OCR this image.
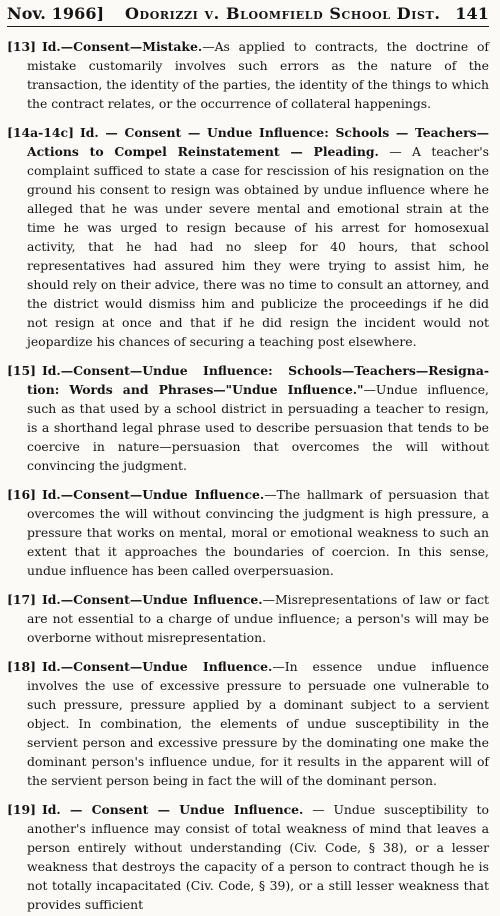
Nov. 1966]	Odorizzi v. Bloomfield School Dist. 141

[13] Id.—Consent—Mistake.—As applied to contracts, the doctrine of mistake customarily involves such errors as the nature of the transaction, the identity of the parties, the identity of the things to which the contract relates, or the occurrence of collateral happenings.

[14a-14c] Id. — Consent — Undue Influence: Schools — Teachers— Actions to Compel Reinstatement — Pleading. — A teacher's complaint sufficed to state a case for rescission of his resignation on the ground his consent to resign was obtained by undue influence where he alleged that he was under severe mental and emotional strain at the time he was urged to resign because of his arrest for homosexual activity, that he had had no sleep for 40 hours, that school representatives had assured him they were trying to assist him, he should rely on their advice, there was no time to consult an attorney, and the district would dismiss him and publicize the proceedings if he did not resign at once and that if he did resign the incident would not jeopardize his chances of securing a teaching post elsewhere.

[15] Id.—Consent—Undue Influence: Schools—Teachers—Resignation: Words and Phrases—"Undue Influence."—Undue influence, such as that used by a school district in persuading a teacher to resign, is a shorthand legal phrase used to describe persuasion that tends to be coercive in nature—persuasion that overcomes the will without convincing the judgment.

[16] Id.—Consent—Undue Influence.—The hallmark of persuasion that overcomes the will without convincing the judgment is high pressure, a pressure that works on mental, moral or emotional weakness to such an extent that it approaches the boundaries of coercion. In this sense, undue influence has been called overpersuasion.

[17] Id.—Consent—Undue Influence.—Misrepresentations of law or fact are not essential to a charge of undue influence; a person's will may be overborne without misrepresentation.

[18] Id.—Consent—Undue Influence.—In essence undue influence involves the use of excessive pressure to persuade one vulnerable to such pressure, pressure applied by a dominant subject to a servient object. In combination, the elements of undue susceptibility in the servient person and excessive pressure by the dominating one make the dominant person's influence undue, for it results in the apparent will of the servient person being in fact the will of the dominant person.

[19] Id. — Consent — Undue Influence. — Undue susceptibility to another's influence may consist of total weakness of mind that leaves a person entirely without understanding (Civ. Code, § 38), or a lesser weakness that destroys the capacity of a person to contract though he is not totally incapacitated (Civ. Code, § 39), or a still lesser weakness that provides sufficient
